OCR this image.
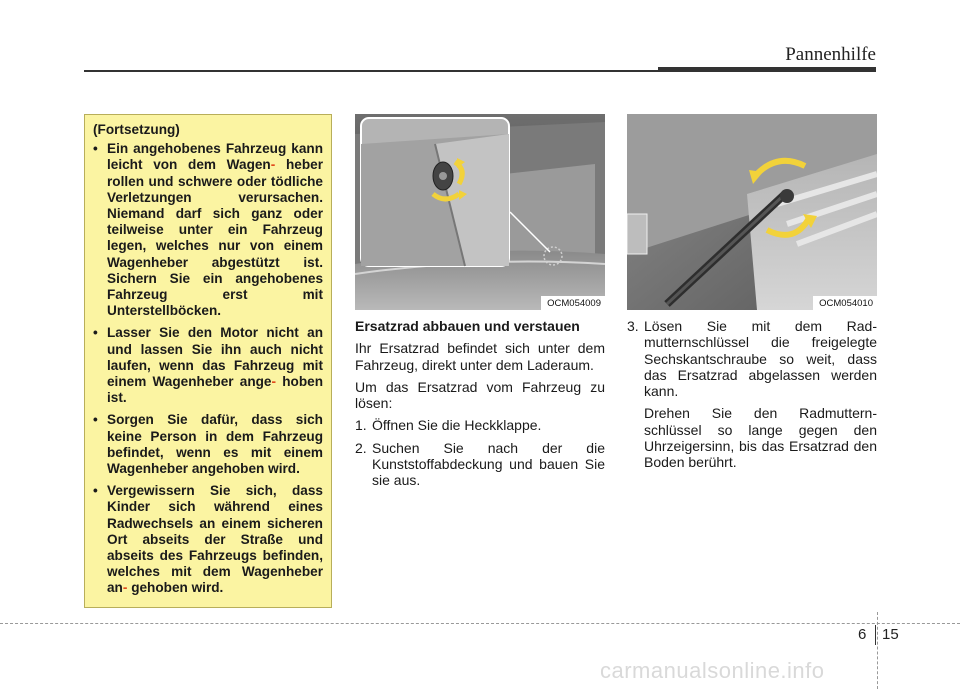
Pannenhilfe
(Fortsetzung)
• Ein angehobenes Fahrzeug kann leicht von dem Wagen- heber rollen und schwere oder tödliche Verletzungen verursachen. Niemand darf sich ganz oder teilweise unter ein Fahrzeug legen, welches nur von einem Wagenheber abgestützt ist. Sichern Sie ein angehobenes Fahrzeug erst mit Unterstellböcken.
• Lasser Sie den Motor nicht an und lassen Sie ihn auch nicht laufen, wenn das Fahrzeug mit einem Wagenheber ange- hoben ist.
• Sorgen Sie dafür, dass sich keine Person in dem Fahrzeug befindet, wenn es mit einem Wagenheber angehoben wird.
• Vergewissern Sie sich, dass Kinder sich während eines Radwechsels an einem sicheren Ort abseits der Straße und abseits des Fahrzeugs befinden, welches mit dem Wagenheber an- gehoben wird.
OCM054009	OCM054010
Ersatzrad abbauen und verstauen
Ihr Ersatzrad befindet sich unter dem Fahrzeug, direkt unter dem Laderaum.
Um das Ersatzrad vom Fahrzeug zu lösen:
1. Öffnen Sie die Heckklappe.
2. Suchen Sie nach der die Kunststoffabdeckung und bauen Sie sie aus.
3. Lösen Sie mit dem Rad-mutternschlüssel die freigelegte Sechskantschraube so weit, dass das Ersatzrad abgelassen werden kann.
Drehen Sie den Radmuttern-schlüssel so lange gegen den Uhrzeigersinn, bis das Ersatzrad den Boden berührt.
6 15
carmanualsonline.info
